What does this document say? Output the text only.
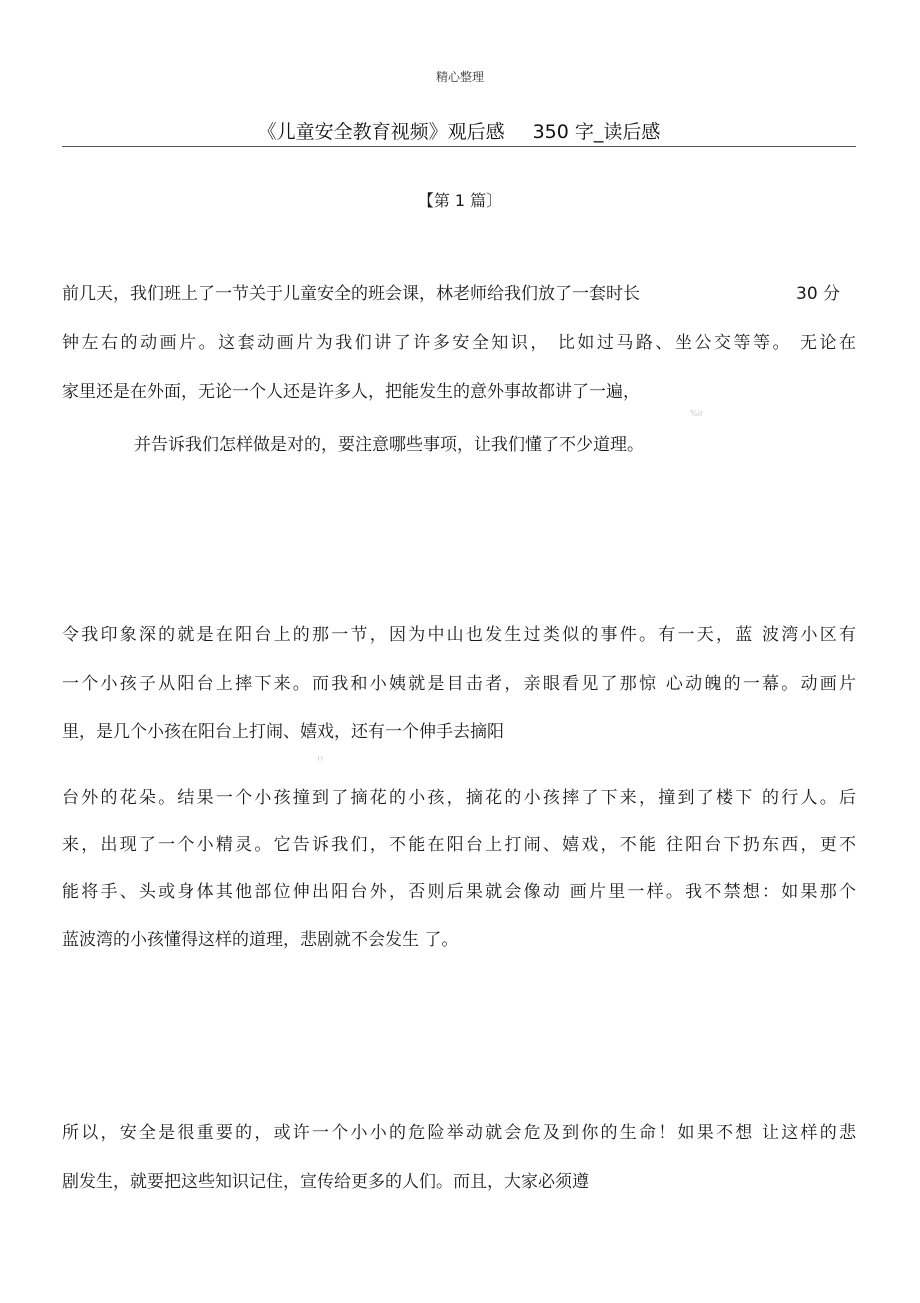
精心整理
《儿童安全教育视频》观后感 350 字_读后感
【第 1 篇〕
前几天，我们班上了一节关于儿童安全的班会课，林老师给我们放了一套时长	30 分
钟左右的动画片。这套动画片为我们讲了许多安全知识， 比如过马路、坐公交等等。 无论在
家里还是在外面，无论一个人还是许多人，把能发生的意外事故都讲了一遍，
%ir
并告诉我们怎样做是对的，要注意哪些事项，让我们懂了不少道理。
令我印象深的就是在阳台上的那一节，因为中山也发生过类似的事件。有一天，蓝 波湾小区有
一个小孩子从阳台上摔下来。而我和小姨就是目击者，亲眼看见了那惊 心动魄的一幕。动画片
里，是几个小孩在阳台上打闹、嬉戏，还有一个伸手去摘阳
!!
台外的花朵。结果一个小孩撞到了摘花的小孩，摘花的小孩摔了下来，撞到了楼下 的行人。后
来，出现了一个小精灵。它告诉我们，不能在阳台上打闹、嬉戏，不能 往阳台下扔东西，更不
能将手、头或身体其他部位伸出阳台外，否则后果就会像动 画片里一样。我不禁想：如果那个
蓝波湾的小孩懂得这样的道理，悲剧就不会发生 了。
所以，安全是很重要的，或许一个小小的危险举动就会危及到你的生命！如果不想 让这样的悲
剧发生，就要把这些知识记住，宣传给更多的人们。而且，大家必须遵
